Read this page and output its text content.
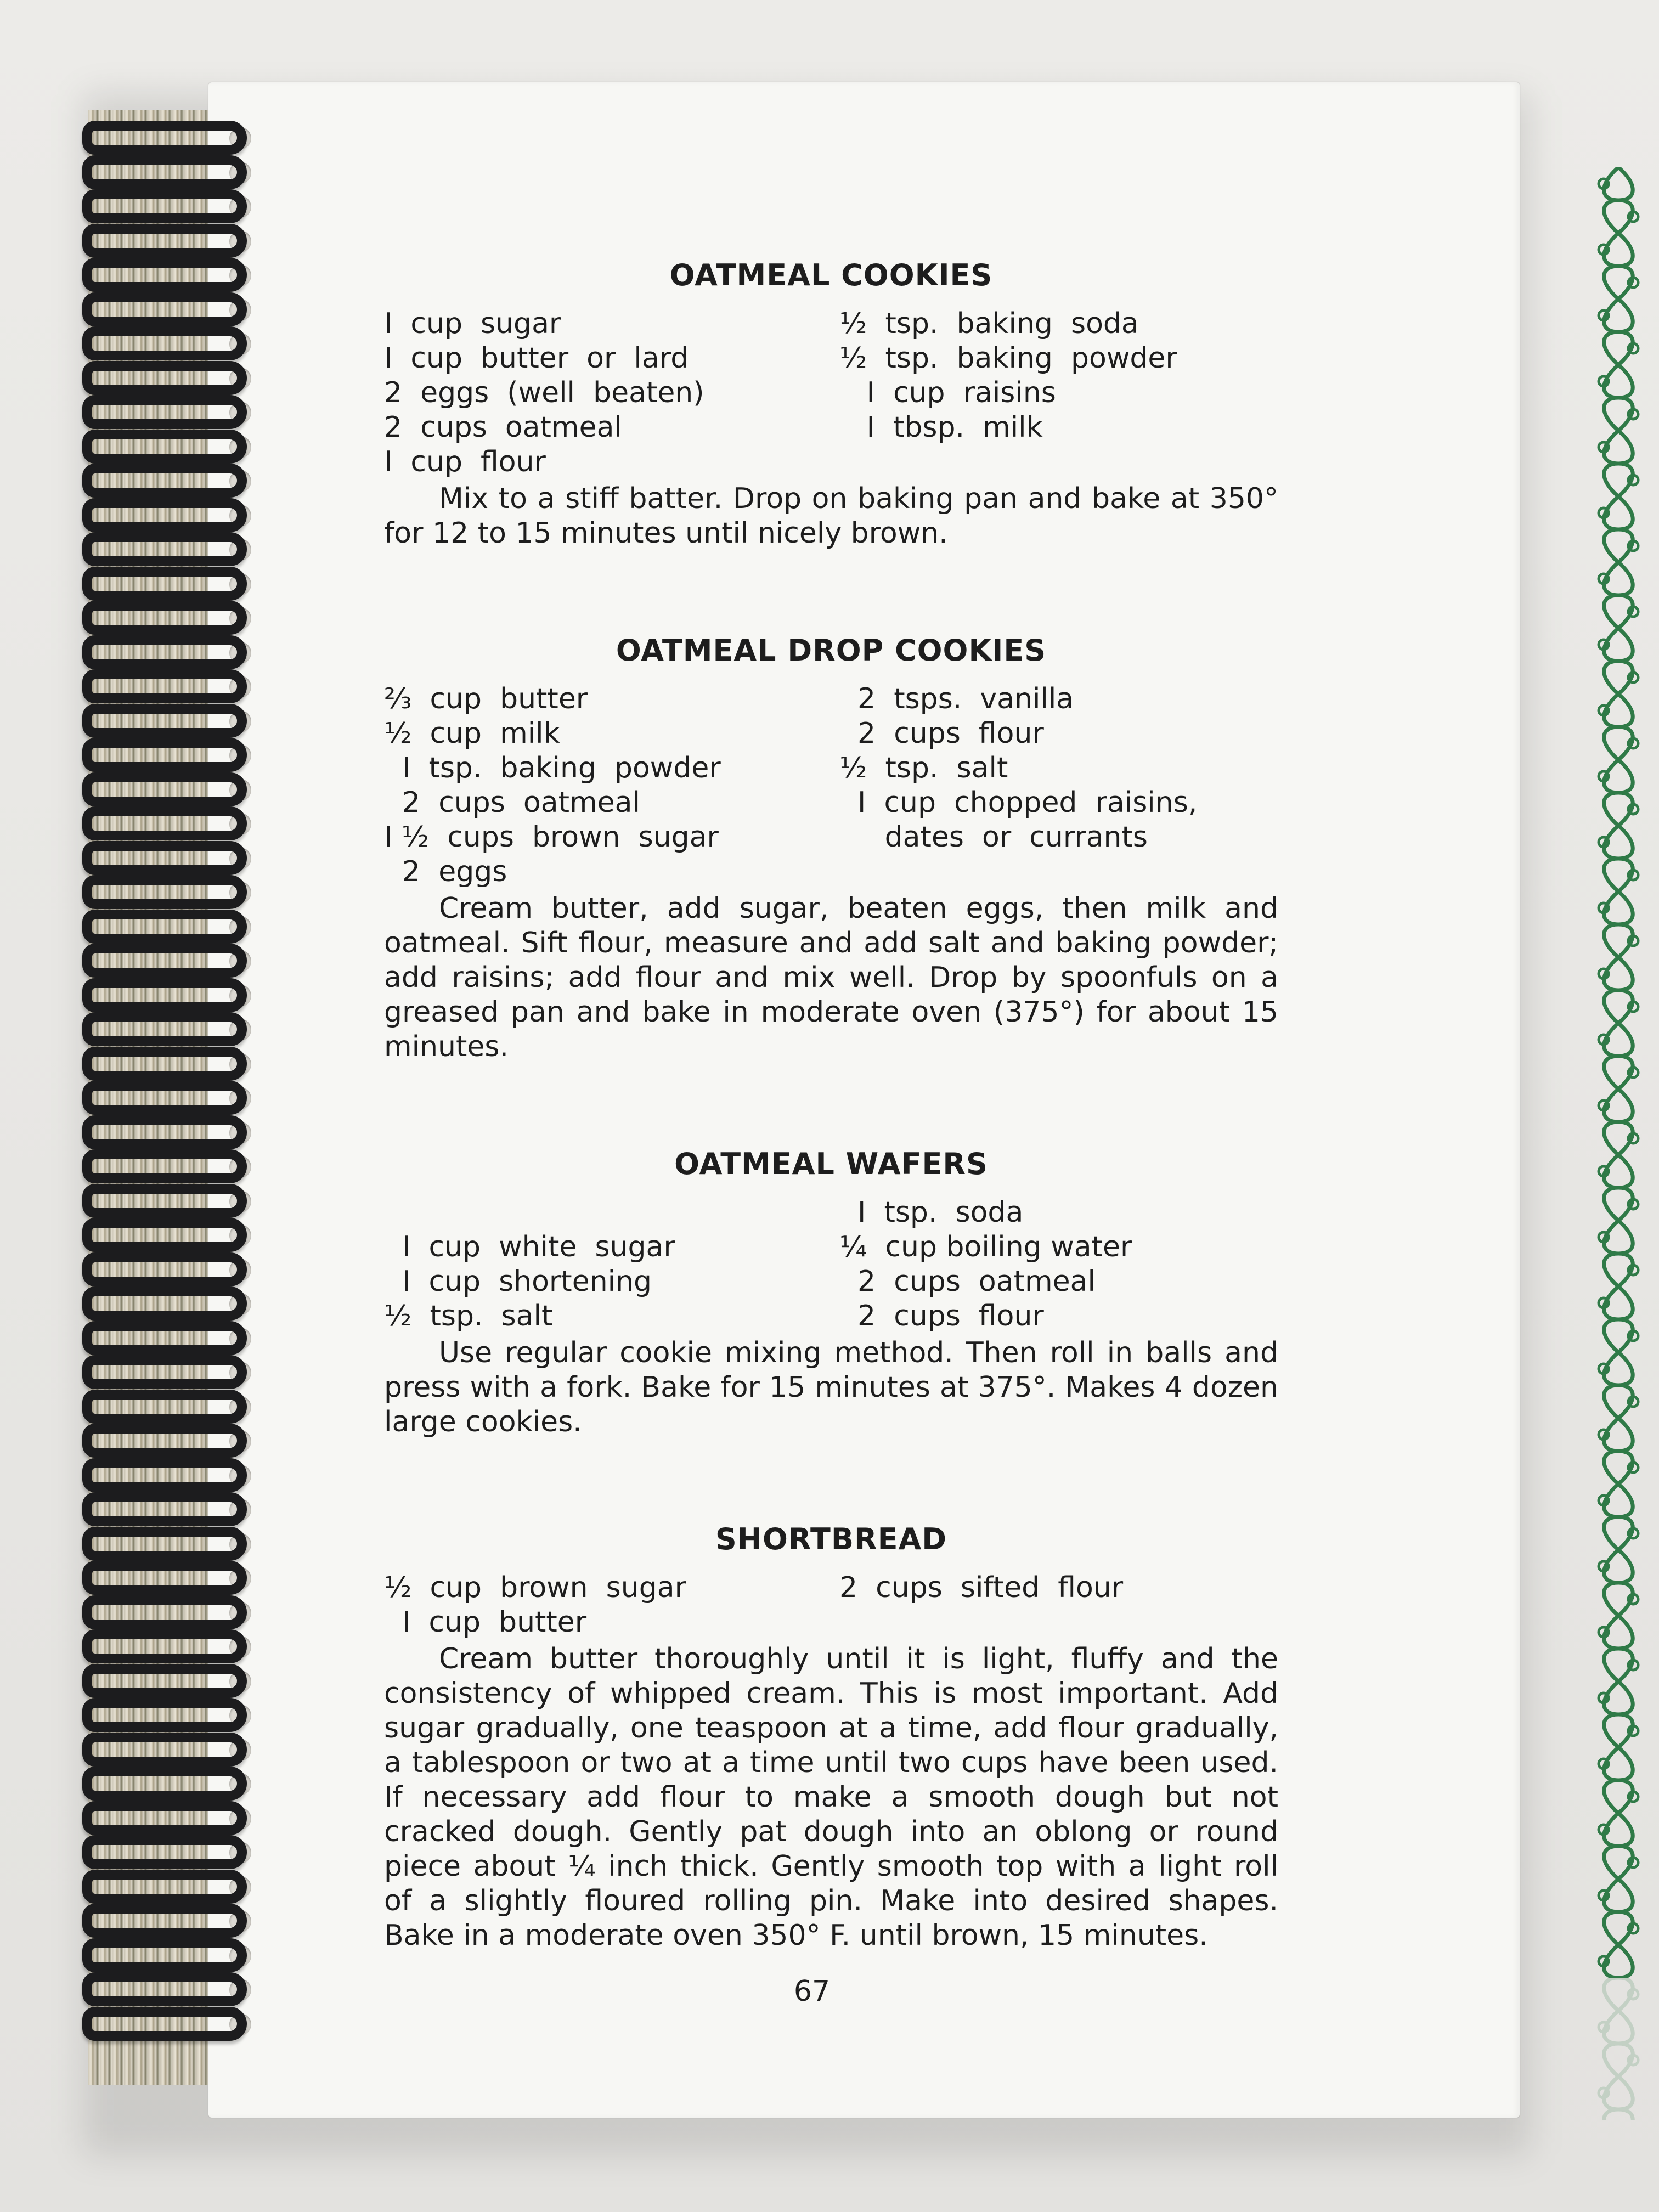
OATMEAL COOKIES
I  cup  sugar
I  cup  butter  or  lard
2  eggs  (well  beaten)
2  cups  oatmeal
I  cup  flour
½  tsp.  baking  soda
½  tsp.  baking  powder
I  cup  raisins
I  tbsp.  milk

Mix to a stiff batter. Drop on baking pan and bake at 350° for 12 to 15 minutes until nicely brown.

OATMEAL DROP COOKIES
⅔  cup  butter
½  cup  milk
I  tsp.  baking  powder
2  cups  oatmeal
I ½  cups  brown  sugar
2  eggs
2  tsps.  vanilla
2  cups  flour
½  tsp.  salt
I  cup  chopped  raisins,
dates  or  currants

Cream butter, add sugar, beaten eggs, then milk and oatmeal. Sift flour, measure and add salt and baking powder; add raisins; add flour and mix well. Drop by spoonfuls on a greased pan and bake in moderate oven (375°) for about 15 minutes.

OATMEAL WAFERS

I  cup  white  sugar
I  cup  shortening
½  tsp.  salt
I  tsp.  soda
¼  cup boiling water
2  cups  oatmeal
2  cups  flour

Use regular cookie mixing method. Then roll in balls and press with a fork. Bake for 15 minutes at 375°. Makes 4 dozen large cookies.

SHORTBREAD
½  cup  brown  sugar
I  cup  butter
2  cups  sifted  flour

Cream butter thoroughly until it is light, fluffy and the consistency of whipped cream. This is most important. Add sugar gradually, one teaspoon at a time, add flour gradually, a tablespoon or two at a time until two cups have been used. If necessary add flour to make a smooth dough but not cracked dough. Gently pat dough into an oblong or round piece about ¼ inch thick. Gently smooth top with a light roll of a slightly floured rolling pin. Make into desired shapes. Bake in a moderate oven 350° F. until brown, 15 minutes.

67
